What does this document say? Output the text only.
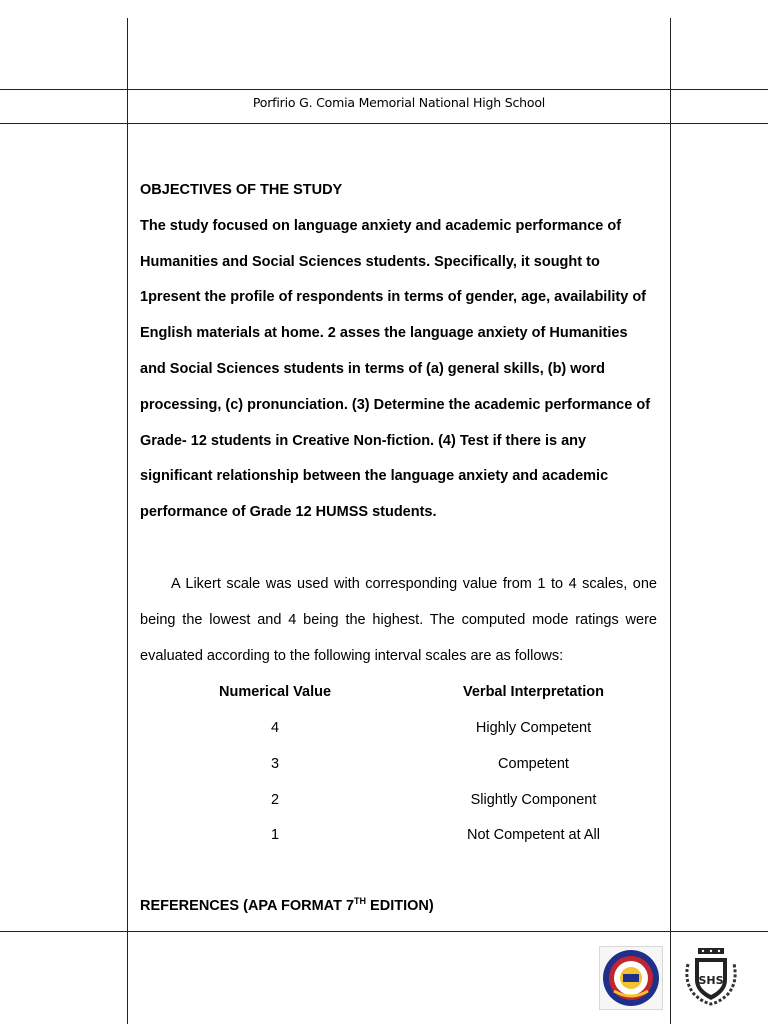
Porfirio G. Comia Memorial National High School

OBJECTIVES OF THE STUDY

The study focused on language anxiety and academic performance of Humanities and Social Sciences students. Specifically, it sought to 1present the profile of respondents in terms of gender, age, availability of English materials at home. 2 asses the language anxiety of Humanities and Social Sciences students in terms of (a) general skills, (b) word processing, (c) pronunciation. (3) Determine the academic performance of Grade- 12 students in Creative Non-fiction. (4) Test if there is any significant relationship between the language anxiety and academic performance of Grade 12 HUMSS students.

A Likert scale was used with corresponding value from 1 to 4 scales, one being the lowest and 4 being the highest. The computed mode ratings were evaluated according to the following interval scales are as follows:

Numerical Value	Verbal Interpretation
4	Highly Competent
3	Competent
2	Slightly Component
1	Not Competent at All

REFERENCES (APA FORMAT 7TH EDITION)

SHS
